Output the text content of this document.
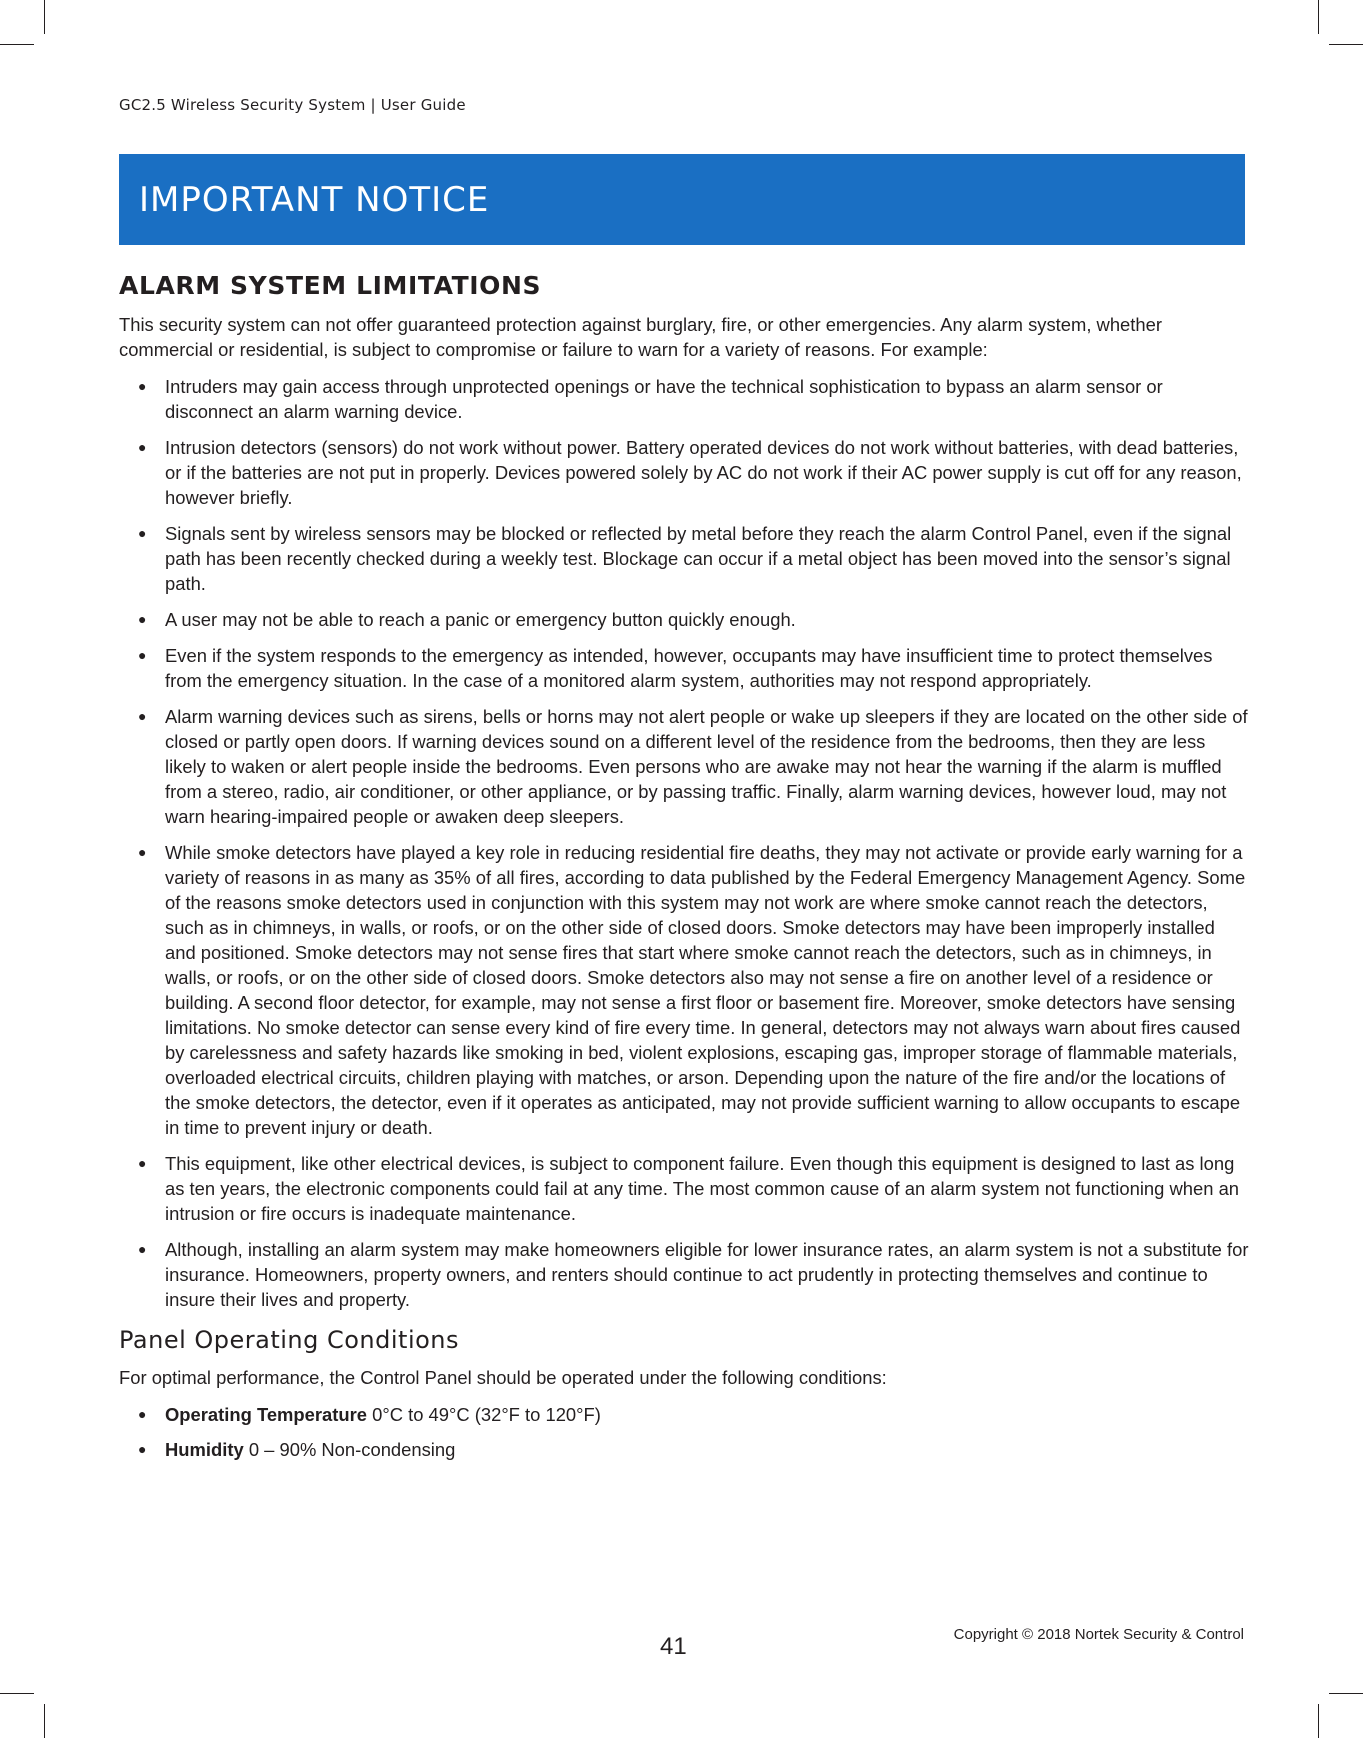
GC2.5 Wireless Security System | User Guide

IMPORTANT NOTICE
ALARM SYSTEM LIMITATIONS

This security system can not offer guaranteed protection against burglary, fire, or other emergencies. Any alarm system, whether commercial or residential, is subject to compromise or failure to warn for a variety of reasons. For example:

● Intruders may gain access through unprotected openings or have the technical sophistication to bypass an alarm sensor or disconnect an alarm warning device.
● Intrusion detectors (sensors) do not work without power. Battery operated devices do not work without batteries, with dead batteries, or if the batteries are not put in properly. Devices powered solely by AC do not work if their AC power supply is cut off for any reason, however briefly.
● Signals sent by wireless sensors may be blocked or reflected by metal before they reach the alarm Control Panel, even if the signal path has been recently checked during a weekly test. Blockage can occur if a metal object has been moved into the sensor’s signal path.
● A user may not be able to reach a panic or emergency button quickly enough.
● Even if the system responds to the emergency as intended, however, occupants may have insufficient time to protect themselves from the emergency situation. In the case of a monitored alarm system, authorities may not respond appropriately.
● Alarm warning devices such as sirens, bells or horns may not alert people or wake up sleepers if they are located on the other side of closed or partly open doors. If warning devices sound on a different level of the residence from the bedrooms, then they are less likely to waken or alert people inside the bedrooms. Even persons who are awake may not hear the warning if the alarm is muffled from a stereo, radio, air conditioner, or other appliance, or by passing traffic. Finally, alarm warning devices, however loud, may not warn hearing-impaired people or awaken deep sleepers.
● While smoke detectors have played a key role in reducing residential fire deaths, they may not activate or provide early warning for a variety of reasons in as many as 35% of all fires, according to data published by the Federal Emergency Management Agency. Some of the reasons smoke detectors used in conjunction with this system may not work are where smoke cannot reach the detectors, such as in chimneys, in walls, or roofs, or on the other side of closed doors. Smoke detectors may have been improperly installed and positioned. Smoke detectors may not sense fires that start where smoke cannot reach the detectors, such as in chimneys, in walls, or roofs, or on the other side of closed doors. Smoke detectors also may not sense a fire on another level of a residence or building. A second floor detector, for example, may not sense a first floor or basement fire. Moreover, smoke detectors have sensing limitations. No smoke detector can sense every kind of fire every time. In general, detectors may not always warn about fires caused by carelessness and safety hazards like smoking in bed, violent explosions, escaping gas, improper storage of flammable materials, overloaded electrical circuits, children playing with matches, or arson. Depending upon the nature of the fire and/or the locations of the smoke detectors, the detector, even if it operates as anticipated, may not provide sufficient warning to allow occupants to escape in time to prevent injury or death.
● This equipment, like other electrical devices, is subject to component failure. Even though this equipment is designed to last as long as ten years, the electronic components could fail at any time. The most common cause of an alarm system not functioning when an intrusion or fire occurs is inadequate maintenance.
● Although, installing an alarm system may make homeowners eligible for lower insurance rates, an alarm system is not a substitute for insurance. Homeowners, property owners, and renters should continue to act prudently in protecting themselves and continue to insure their lives and property.
Panel Operating Conditions

For optimal performance, the Control Panel should be operated under the following conditions:

● Operating Temperature 0°C to 49°C (32°F to 120°F)
● Humidity 0 – 90% Non-condensing
41	Copyright © 2018 Nortek Security & Control
